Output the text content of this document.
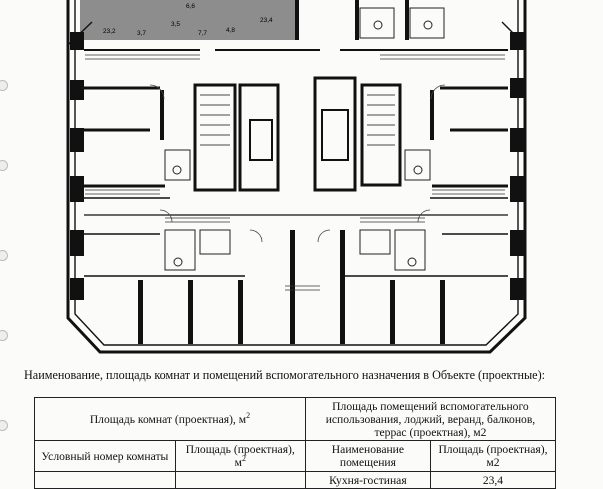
6,6
23,2	3,7
3,5
7,7	4,8
23,4
Наименование, площадь комнат и помещений вспомогательного назначения в Объекте (проектные):
Площадь комнат (проектная), $м^2$		Площадь помещений вспомогательного использования, лоджий, веранд, балконов, террас (проектная), м2	
Условный номер комнаты	Площадь (проектная), $м^2$	Наименование помещения	Площадь (проектная), м2
		Кухня-гостиная	23,4
